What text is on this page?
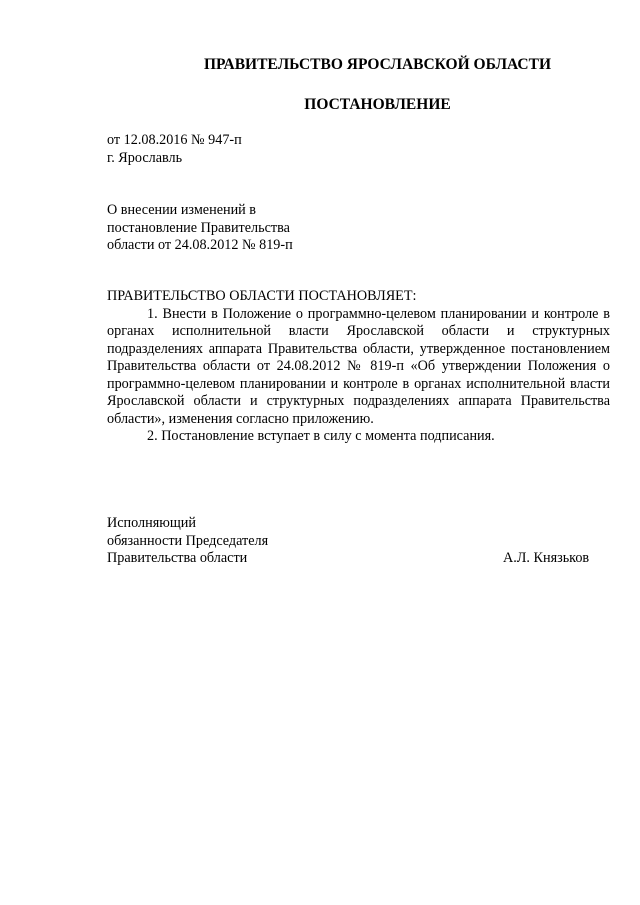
ПРАВИТЕЛЬСТВО ЯРОСЛАВСКОЙ ОБЛАСТИ
ПОСТАНОВЛЕНИЕ
от 12.08.2016 № 947-п
г. Ярославль
О внесении изменений в
постановление Правительства
области от 24.08.2012 № 819-п
ПРАВИТЕЛЬСТВО ОБЛАСТИ ПОСТАНОВЛЯЕТ:
1. Внести в Положение о программно-целевом планировании и контроле в органах исполнительной власти Ярославской области и структурных подразделениях аппарата Правительства области, утвержденное постановлением Правительства области от 24.08.2012 № 819-п «Об утверждении Положения о программно-целевом планировании и контроле в органах исполнительной власти Ярославской области и структурных подразделениях аппарата Правительства области», изменения согласно приложению.
2. Постановление вступает в силу с момента подписания.
Исполняющий
обязанности Председателя
Правительства области	А.Л. Князьков
